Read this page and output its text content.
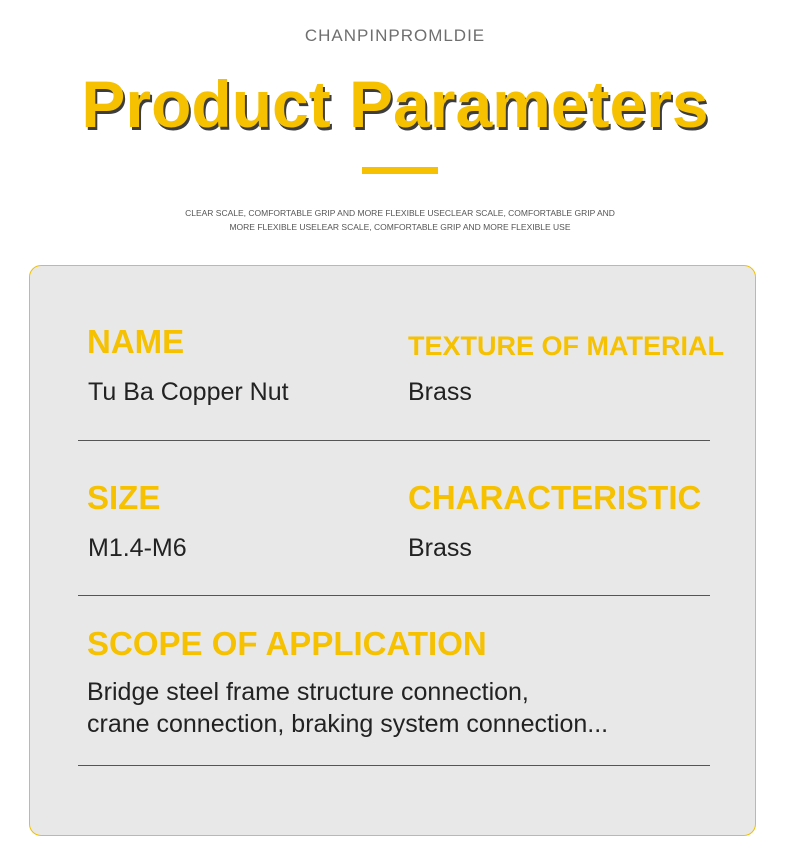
CHANPINPROMLDIE
Product Parameters
CLEAR SCALE, COMFORTABLE GRIP AND MORE FLEXIBLE USECLEAR SCALE, COMFORTABLE GRIP AND
MORE FLEXIBLE USELEAR SCALE, COMFORTABLE GRIP AND MORE FLEXIBLE USE
NAME
Tu Ba Copper Nut
TEXTURE OF MATERIAL
Brass
SIZE
M1.4-M6
CHARACTERISTIC
Brass
SCOPE OF APPLICATION
Bridge steel frame structure connection,
crane connection, braking system connection...
